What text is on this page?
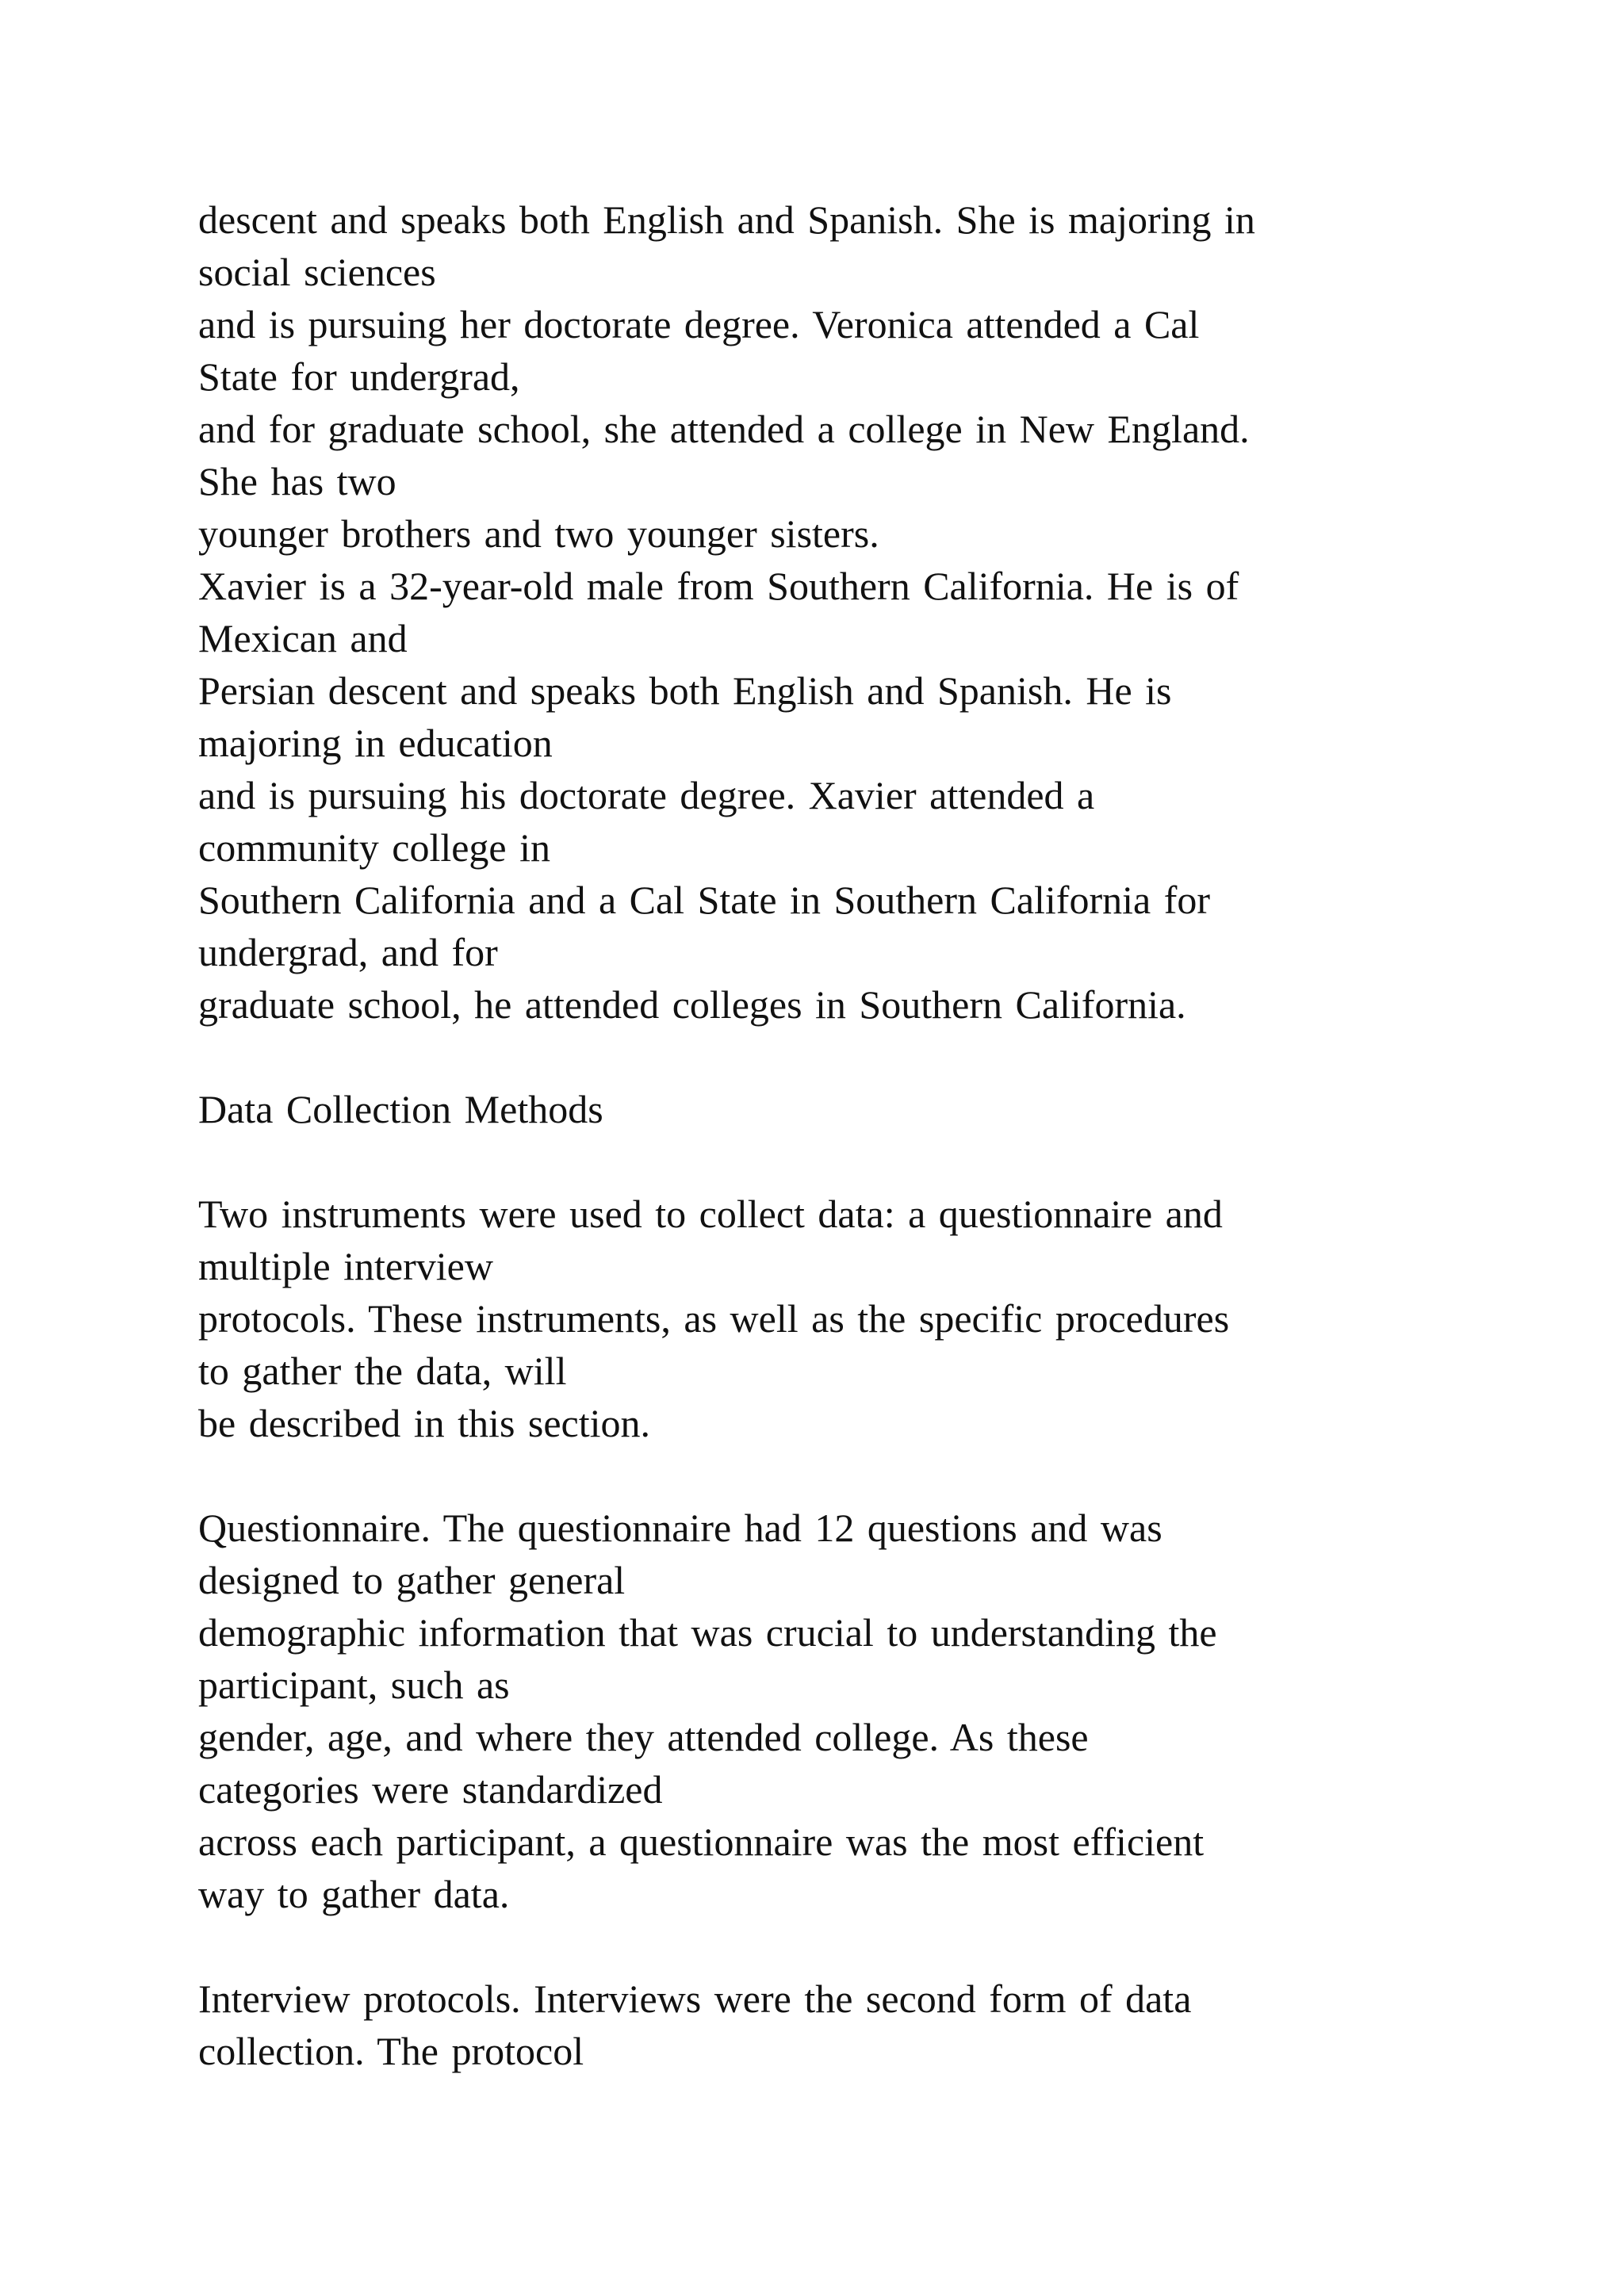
descent and speaks both English and Spanish. She is majoring in
social sciences
and is pursuing her doctorate degree. Veronica attended a Cal
State for undergrad,
and for graduate school, she attended a college in New England.
She has two
younger brothers and two younger sisters.
Xavier is a 32-year-old male from Southern California. He is of
Mexican and
Persian descent and speaks both English and Spanish. He is
majoring in education
and is pursuing his doctorate degree. Xavier attended a
community college in
Southern California and a Cal State in Southern California for
undergrad, and for
graduate school, he attended colleges in Southern California.
Data Collection Methods
Two instruments were used to collect data: a questionnaire and
multiple interview
protocols. These instruments, as well as the specific procedures
to gather the data, will
be described in this section.
Questionnaire. The questionnaire had 12 questions and was
designed to gather general
demographic information that was crucial to understanding the
participant, such as
gender, age, and where they attended college. As these
categories were standardized
across each participant, a questionnaire was the most efficient
way to gather data.
Interview protocols. Interviews were the second form of data
collection. The protocol
